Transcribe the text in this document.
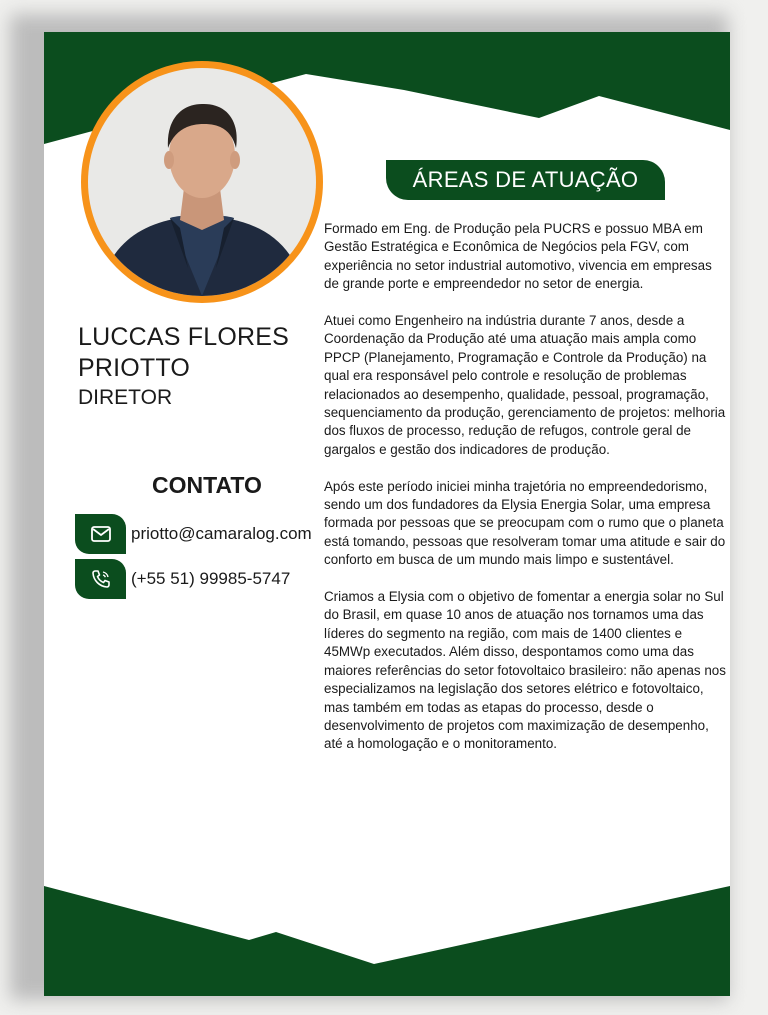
ÁREAS DE ATUAÇÃO
LUCCAS FLORES
PRIOTTO
DIRETOR
CONTATO
priotto@camaralog.com
(+55 51) 99985-5747

Formado em Eng. de Produção pela PUCRS e possuo MBA em Gestão Estratégica e Econômica de Negócios pela FGV, com experiência no setor industrial automotivo, vivencia em empresas de grande porte e empreendedor no setor de energia.

Atuei como Engenheiro na indústria durante 7 anos, desde a Coordenação da Produção até uma atuação mais ampla como PPCP (Planejamento, Programação e Controle da Produção) na qual era responsável pelo controle e resolução de problemas relacionados ao desempenho, qualidade, pessoal, programação, sequenciamento da produção, gerenciamento de projetos: melhoria dos fluxos de processo, redução de refugos, controle geral de gargalos e gestão dos indicadores de produção.

Após este período iniciei minha trajetória no empreendedorismo, sendo um dos fundadores da Elysia Energia Solar, uma empresa formada por pessoas que se preocupam com o rumo que o planeta está tomando, pessoas que resolveram tomar uma atitude e sair do conforto em busca de um mundo mais limpo e sustentável.

Criamos a Elysia com o objetivo de fomentar a energia solar no Sul do Brasil, em quase 10 anos de atuação nos tornamos uma das líderes do segmento na região, com mais de 1400 clientes e 45MWp executados. Além disso, despontamos como uma das maiores referências do setor fotovoltaico brasileiro: não apenas nos especializamos na legislação dos setores elétrico e fotovoltaico, mas também em todas as etapas do processo, desde o desenvolvimento de projetos com maximização de desempenho, até a homologação e o monitoramento.
